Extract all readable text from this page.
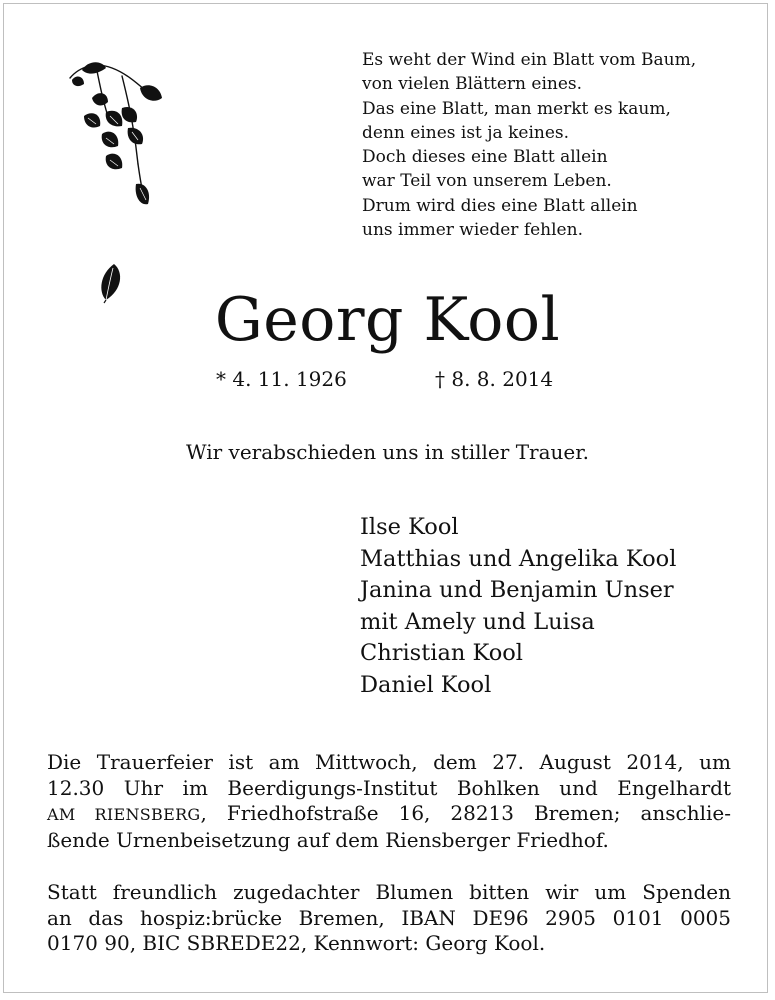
Es weht der Wind ein Blatt vom Baum,
von vielen Blättern eines.
Das eine Blatt, man merkt es kaum,
denn eines ist ja keines.
Doch dieses eine Blatt allein
war Teil von unserem Leben.
Drum wird dies eine Blatt allein
uns immer wieder fehlen.
Georg Kool
* 4. 11. 1926	† 8. 8. 2014
Wir verabschieden uns in stiller Trauer.
Ilse Kool
Matthias und Angelika Kool
Janina und Benjamin Unser
mit Amely und Luisa
Christian Kool
Daniel Kool
Die Trauerfeier ist am Mittwoch, dem 27. August 2014, um
12.30 Uhr im Beerdigungs-Institut Bohlken und Engelhardt
AM RIENSBERG, Friedhofstraße 16, 28213 Bremen; anschlie-
ßende Urnenbeisetzung auf dem Riensberger Friedhof.
Statt freundlich zugedachter Blumen bitten wir um Spenden
an das hospiz:brücke Bremen, IBAN DE96 2905 0101 0005
0170 90, BIC SBREDE22, Kennwort: Georg Kool.
